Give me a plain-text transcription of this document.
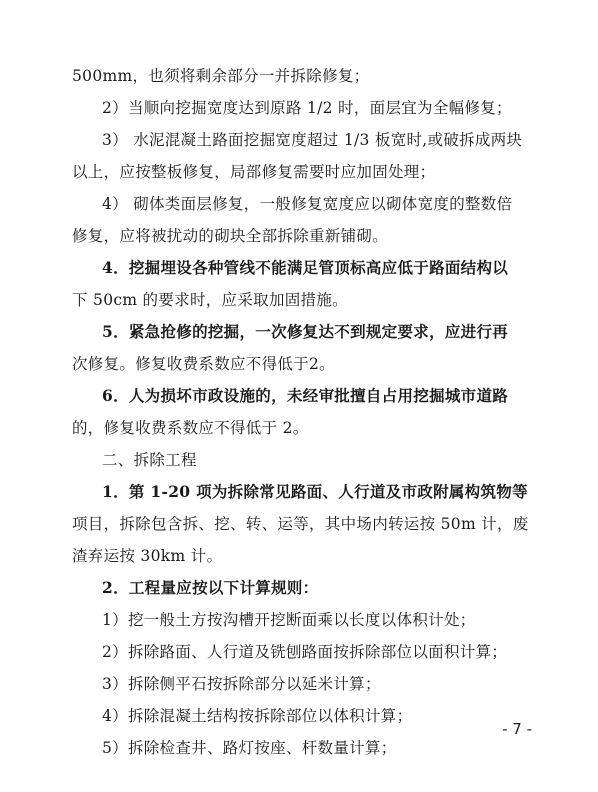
500mm，也须将剩余部分一并拆除修复；
2）当顺向挖掘宽度达到原路 1/2 时，面层宜为全幅修复；
3） 水泥混凝土路面挖掘宽度超过 1/3 板宽时,或破拆成两块
以上，应按整板修复，局部修复需要时应加固处理；
4） 砌体类面层修复，一般修复宽度应以砌体宽度的整数倍
修复，应将被扰动的砌块全部拆除重新铺砌。
4．挖掘埋设各种管线不能满足管顶标高应低于路面结构以
下 50cm 的要求时，应采取加固措施。
5．紧急抢修的挖掘，一次修复达不到规定要求，应进行再
次修复。修复收费系数应不得低于2。
6．人为损坏市政设施的，未经审批擅自占用挖掘城市道路
的，修复收费系数应不得低于 2。
二、拆除工程
1．第 1-20 项为拆除常见路面、人行道及市政附属构筑物等
项目，拆除包含拆、挖、转、运等，其中场内转运按 50m 计，废
渣弃运按 30km 计。
2．工程量应按以下计算规则：
1）挖一般土方按沟槽开挖断面乘以长度以体积计处；
2）拆除路面、人行道及铣刨路面按拆除部位以面积计算；
3）拆除侧平石按拆除部分以延米计算；
4）拆除混凝土结构按拆除部位以体积计算；
5）拆除检查井、路灯按座、杆数量计算；
- 7 -
